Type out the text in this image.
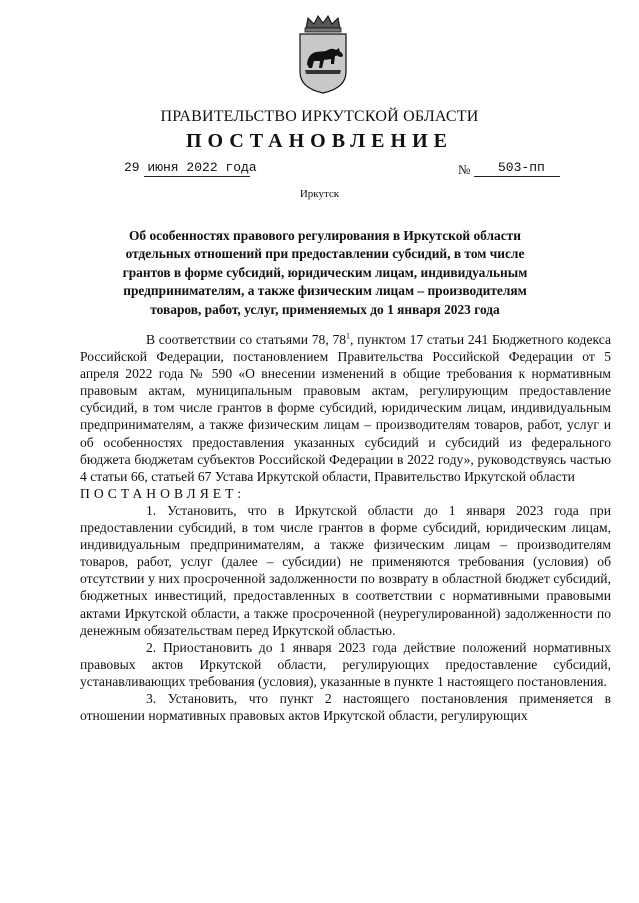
ПРАВИТЕЛЬСТВО ИРКУТСКОЙ ОБЛАСТИ
ПОСТАНОВЛЕНИЕ
29 июня 2022 года	№ 503-пп
Иркутск
Об особенностях правового регулирования в Иркутской области отдельных отношений при предоставлении субсидий, в том числе грантов в форме субсидий, юридическим лицам, индивидуальным предпринимателям, а также физическим лицам – производителям товаров, работ, услуг, применяемых до 1 января 2023 года

В соответствии со статьями 78, $78^1$, пунктом 17 статьи 241 Бюджетного кодекса Российской Федерации, постановлением Правительства Российской Федерации от 5 апреля 2022 года № 590 «О внесении изменений в общие требования к нормативным правовым актам, муниципальным правовым актам, регулирующим предоставление субсидий, в том числе грантов в форме субсидий, юридическим лицам, индивидуальным предпринимателям, а также физическим лицам – производителям товаров, работ, услуг и об особенностях предоставления указанных субсидий и субсидий из федерального бюджета бюджетам субъектов Российской Федерации в 2022 году», руководствуясь частью 4 статьи 66, статьей 67 Устава Иркутской области, Правительство Иркутской области

ПОСТАНОВЛЯЕТ:

1. Установить, что в Иркутской области до 1 января 2023 года при предоставлении субсидий, в том числе грантов в форме субсидий, юридическим лицам, индивидуальным предпринимателям, а также физическим лицам – производителям товаров, работ, услуг (далее – субсидии) не применяются требования (условия) об отсутствии у них просроченной задолженности по возврату в областной бюджет субсидий, бюджетных инвестиций, предоставленных в соответствии с нормативными правовыми актами Иркутской области, а также просроченной (неурегулированной) задолженности по денежным обязательствам перед Иркутской областью.

2. Приостановить до 1 января 2023 года действие положений нормативных правовых актов Иркутской области, регулирующих предоставление субсидий, устанавливающих требования (условия), указанные в пункте 1 настоящего постановления.

3. Установить, что пункт 2 настоящего постановления применяется в отношении нормативных правовых актов Иркутской области, регулирующих
